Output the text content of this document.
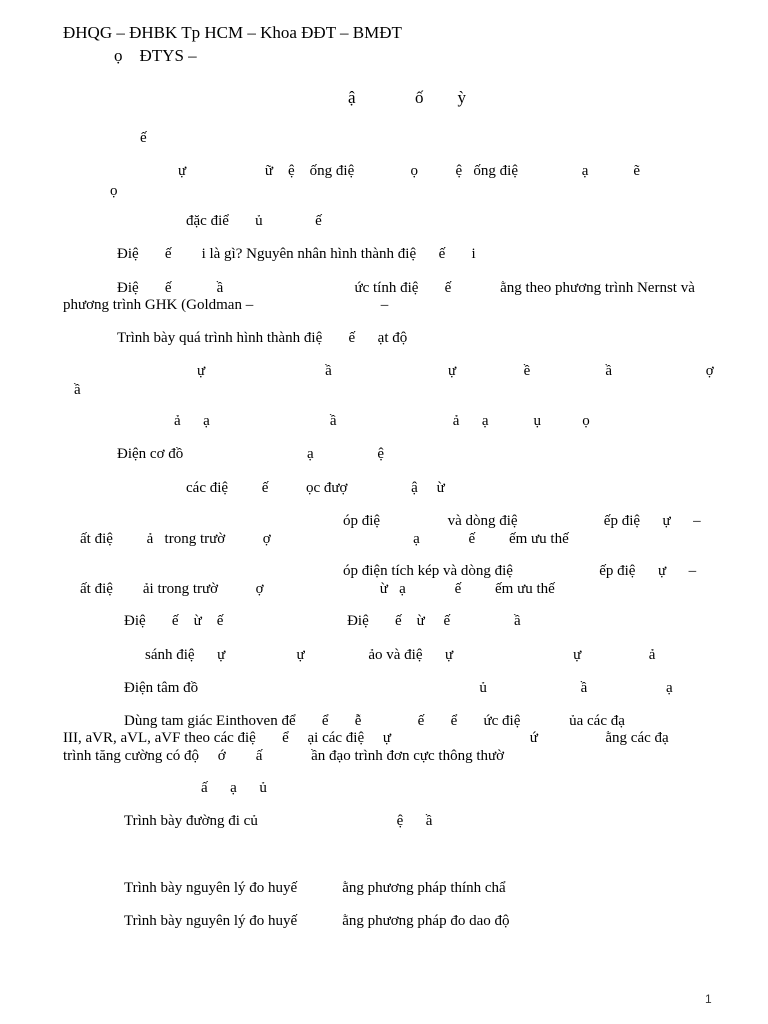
ĐHQG – ĐHBK Tp HCM – Khoa ĐĐT – BMĐT
ọ    ĐTYS –
ậ              ố        ỳ
ế
ự                     ữ    ệ    ống điệ               ọ          ệ   ống điệ                 ạ            ẽ
ọ
đặc điể       ủ              ế
Điệ       ế        i là gì? Nguyên nhân hình thành điệ      ế       i
Điệ       ế            ầ                                   ức tính điệ       ế             ằng theo phương trình Nernst và
phương trình GHK (Goldman –                                  –
Trình bày quá trình hình thành điệ       ế      ạt độ
ự                                ầ                               ự                  ề                    ầ                         ợ
ầ
ả      ạ                                ầ                               ả      ạ            ụ           ọ
Điện cơ đồ                                 ạ                 ệ
các điệ         ế          ọc đượ                 ậ     ừ
óp điệ                  và dòng điệ                       ếp điệ      ự      –
ất điệ         ả   trong trườ          ợ                                      ạ             ế         ếm ưu thế
óp điện tích kép và dòng điệ                       ếp điệ      ự      –
ất điệ        ải trong trườ          ợ                               ừ   ạ             ế         ếm ưu thế
Điệ       ế    ừ    ế                                 Điệ       ế    ừ     ế                 ầ
sánh điệ      ự                   ự                 ảo và điệ      ự                                ự                  ả
Điện tâm đồ                                                                           ủ                         ầ                     ạ
Dùng tam giác Einthoven để       ể       ễ               ế       ể       ức điệ             ủa các đạ
III, aVR, aVL, aVF theo các điệ       ể     ại các điệ     ự                                     ứ                  ằng các đạ
trình tăng cường có độ     ớ        ấ             ần đạo trình đơn cực thông thườ
ấ      ạ      ủ
Trình bày đường đi củ                                     ệ      ầ
Trình bày nguyên lý đo huyế            ằng phương pháp thính chẩ
Trình bày nguyên lý đo huyế            ằng phương pháp đo dao độ
1
